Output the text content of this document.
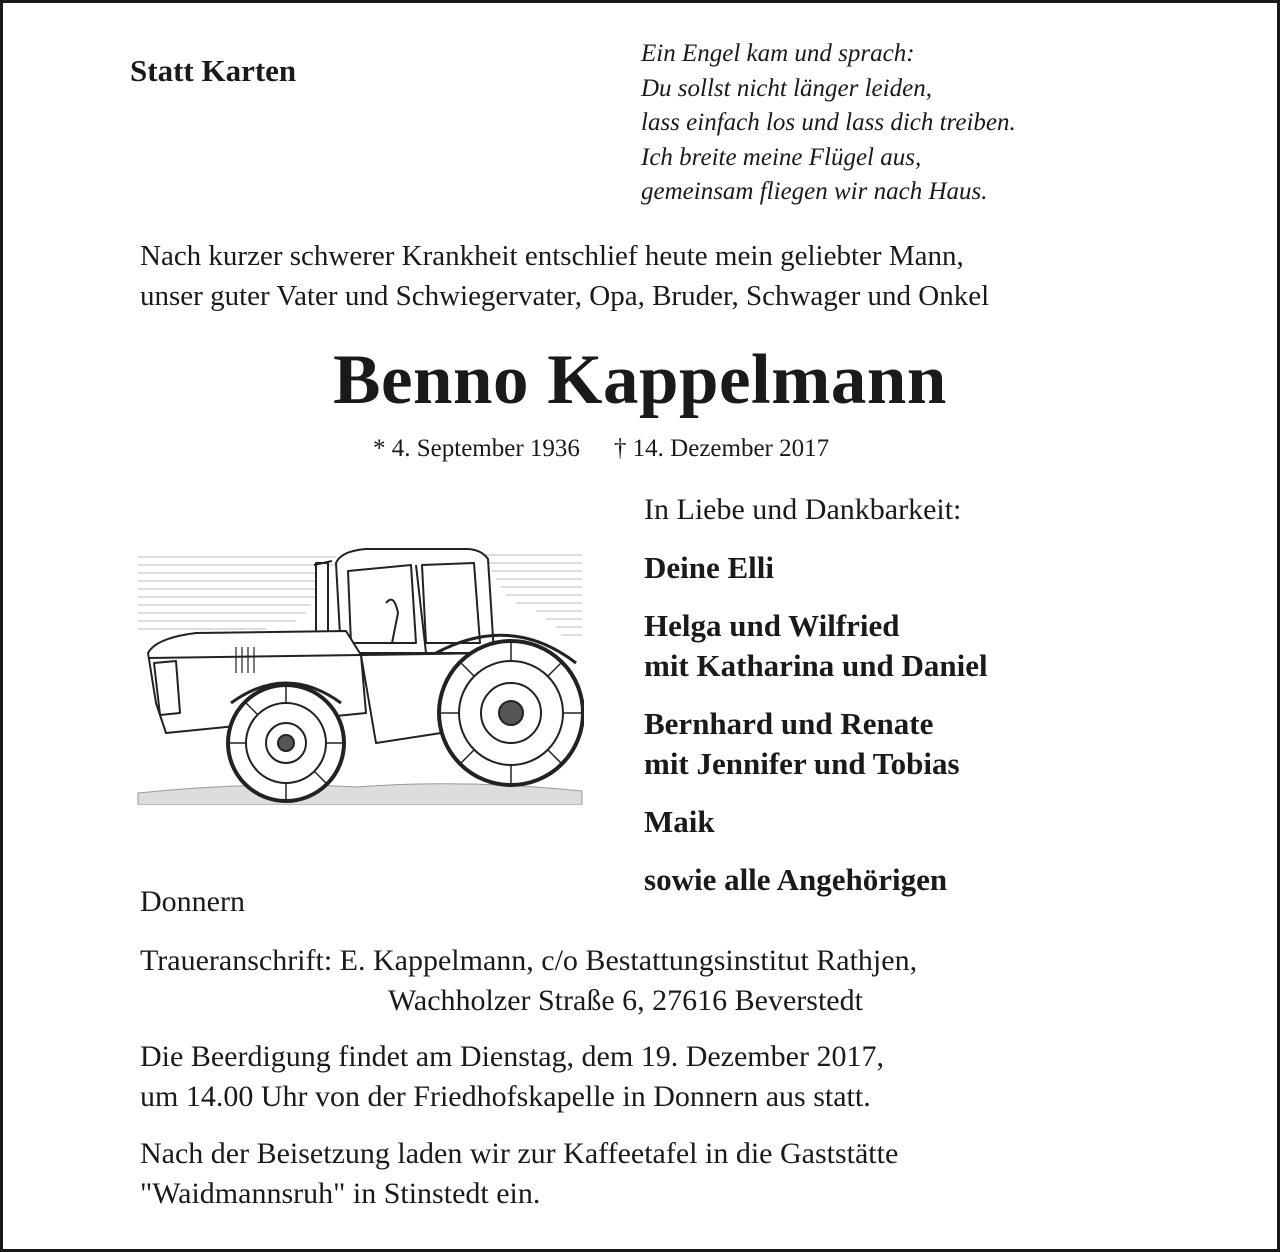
Statt Karten	Ein Engel kam und sprach:
Du sollst nicht länger leiden,
lass einfach los und lass dich treiben.
Ich breite meine Flügel aus,
gemeinsam fliegen wir nach Haus.
Nach kurzer schwerer Krankheit entschlief heute mein geliebter Mann,
unser guter Vater und Schwiegervater, Opa, Bruder, Schwager und Onkel
Benno Kappelmann
* 4. September 1936 † 14. Dezember 2017
In Liebe und Dankbarkeit:
Deine Elli
Helga und Wilfried
mit Katharina und Daniel
Bernhard und Renate
mit Jennifer und Tobias
Maik
sowie alle Angehörigen
Donnern
Traueranschrift: E. Kappelmann, c/o Bestattungsinstitut Rathjen,
Wachholzer Straße 6, 27616 Beverstedt
Die Beerdigung findet am Dienstag, dem 19. Dezember 2017,
um 14.00 Uhr von der Friedhofskapelle in Donnern aus statt.
Nach der Beisetzung laden wir zur Kaffeetafel in die Gaststätte
"Waidmannsruh" in Stinstedt ein.
